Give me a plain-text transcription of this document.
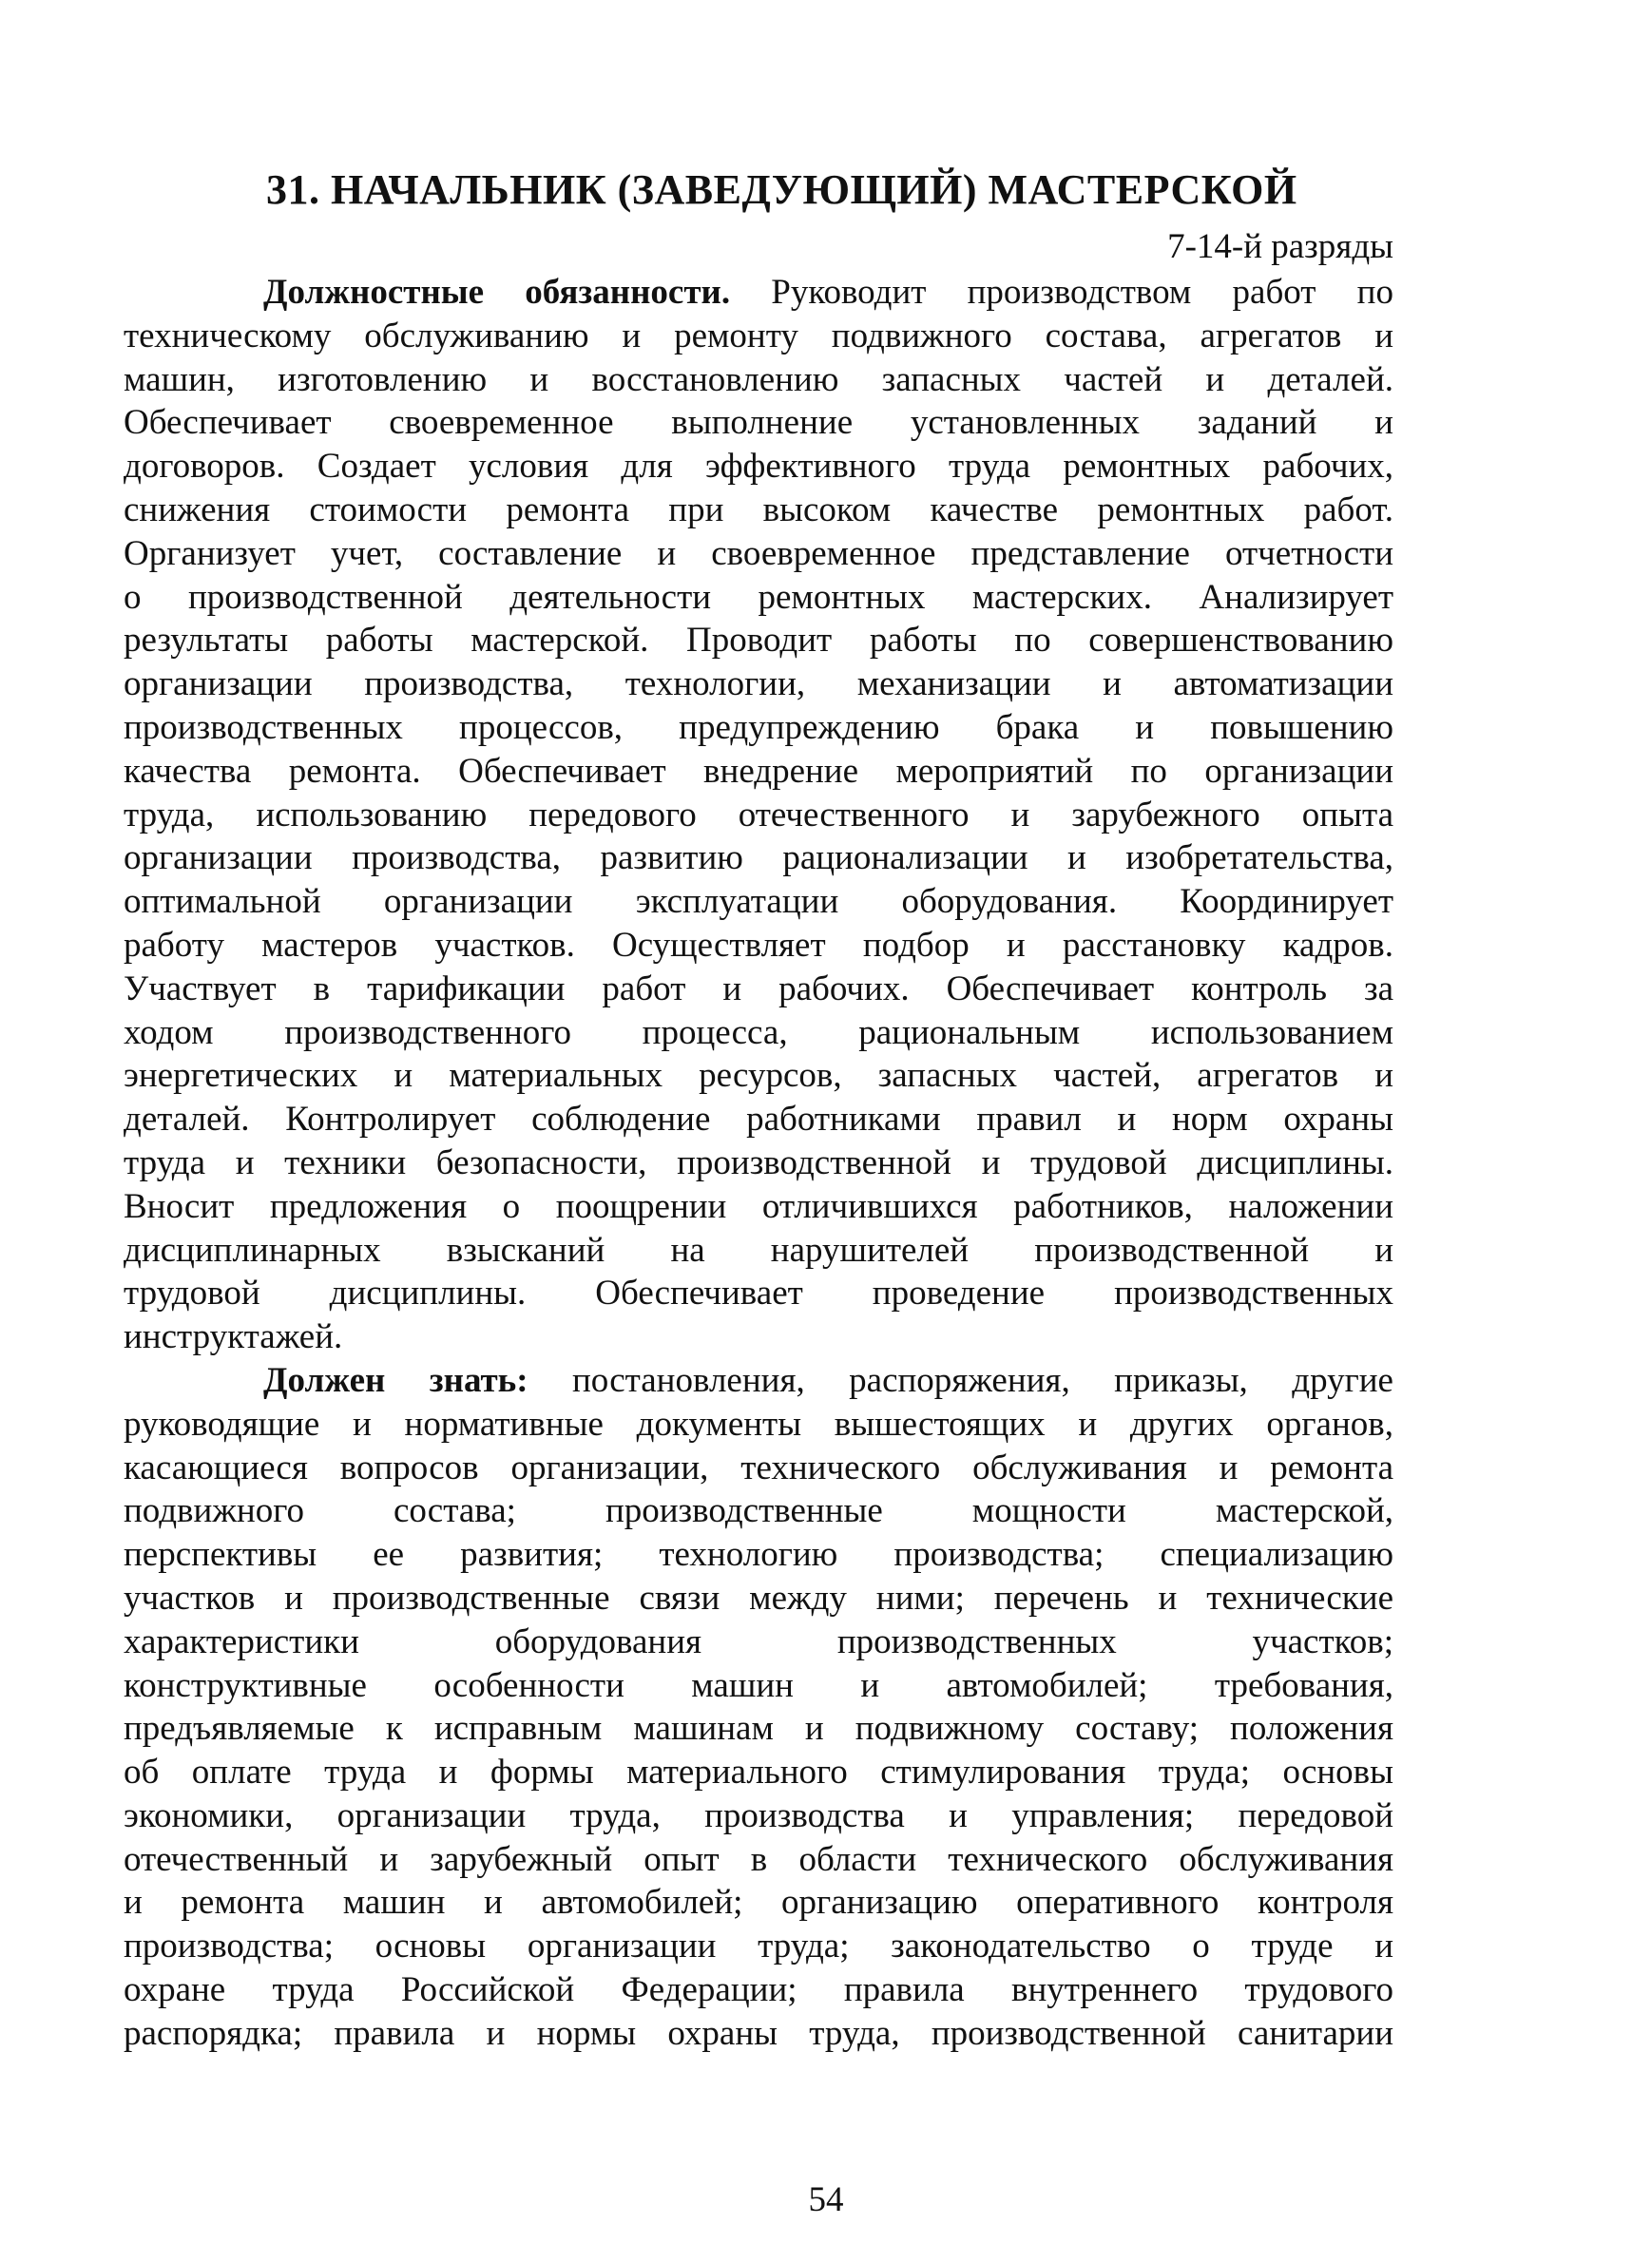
31. НАЧАЛЬНИК (ЗАВЕДУЮЩИЙ) МАСТЕРСКОЙ
7-14-й разряды
Должностные обязанности. Руководит производством работ по
техническому обслуживанию и ремонту подвижного состава, агрегатов и
машин, изготовлению и восстановлению запасных частей и деталей.
Обеспечивает своевременное выполнение установленных заданий и
договоров. Создает условия для эффективного труда ремонтных рабочих,
снижения стоимости ремонта при высоком качестве ремонтных работ.
Организует учет, составление и своевременное представление отчетности
о производственной деятельности ремонтных мастерских. Анализирует
результаты работы мастерской. Проводит работы по совершенствованию
организации производства, технологии, механизации и автоматизации
производственных процессов, предупреждению брака и повышению
качества ремонта. Обеспечивает внедрение мероприятий по организации
труда, использованию передового отечественного и зарубежного опыта
организации производства, развитию рационализации и изобретательства,
оптимальной организации эксплуатации оборудования. Координирует
работу мастеров участков. Осуществляет подбор и расстановку кадров.
Участвует в тарификации работ и рабочих. Обеспечивает контроль за
ходом производственного процесса, рациональным использованием
энергетических и материальных ресурсов, запасных частей, агрегатов и
деталей. Контролирует соблюдение работниками правил и норм охраны
труда и техники безопасности, производственной и трудовой дисциплины.
Вносит предложения о поощрении отличившихся работников, наложении
дисциплинарных взысканий на нарушителей производственной и
трудовой дисциплины. Обеспечивает проведение производственных
инструктажей.
Должен знать: постановления, распоряжения, приказы, другие
руководящие и нормативные документы вышестоящих и других органов,
касающиеся вопросов организации, технического обслуживания и ремонта
подвижного состава; производственные мощности мастерской,
перспективы ее развития; технологию производства; специализацию
участков и производственные связи между ними; перечень и технические
характеристики оборудования производственных участков;
конструктивные особенности машин и автомобилей; требования,
предъявляемые к исправным машинам и подвижному составу; положения
об оплате труда и формы материального стимулирования труда; основы
экономики, организации труда, производства и управления; передовой
отечественный и зарубежный опыт в области технического обслуживания
и ремонта машин и автомобилей; организацию оперативного контроля
производства; основы организации труда; законодательство о труде и
охране труда Российской Федерации; правила внутреннего трудового
распорядка; правила и нормы охраны труда, производственной санитарии
54
